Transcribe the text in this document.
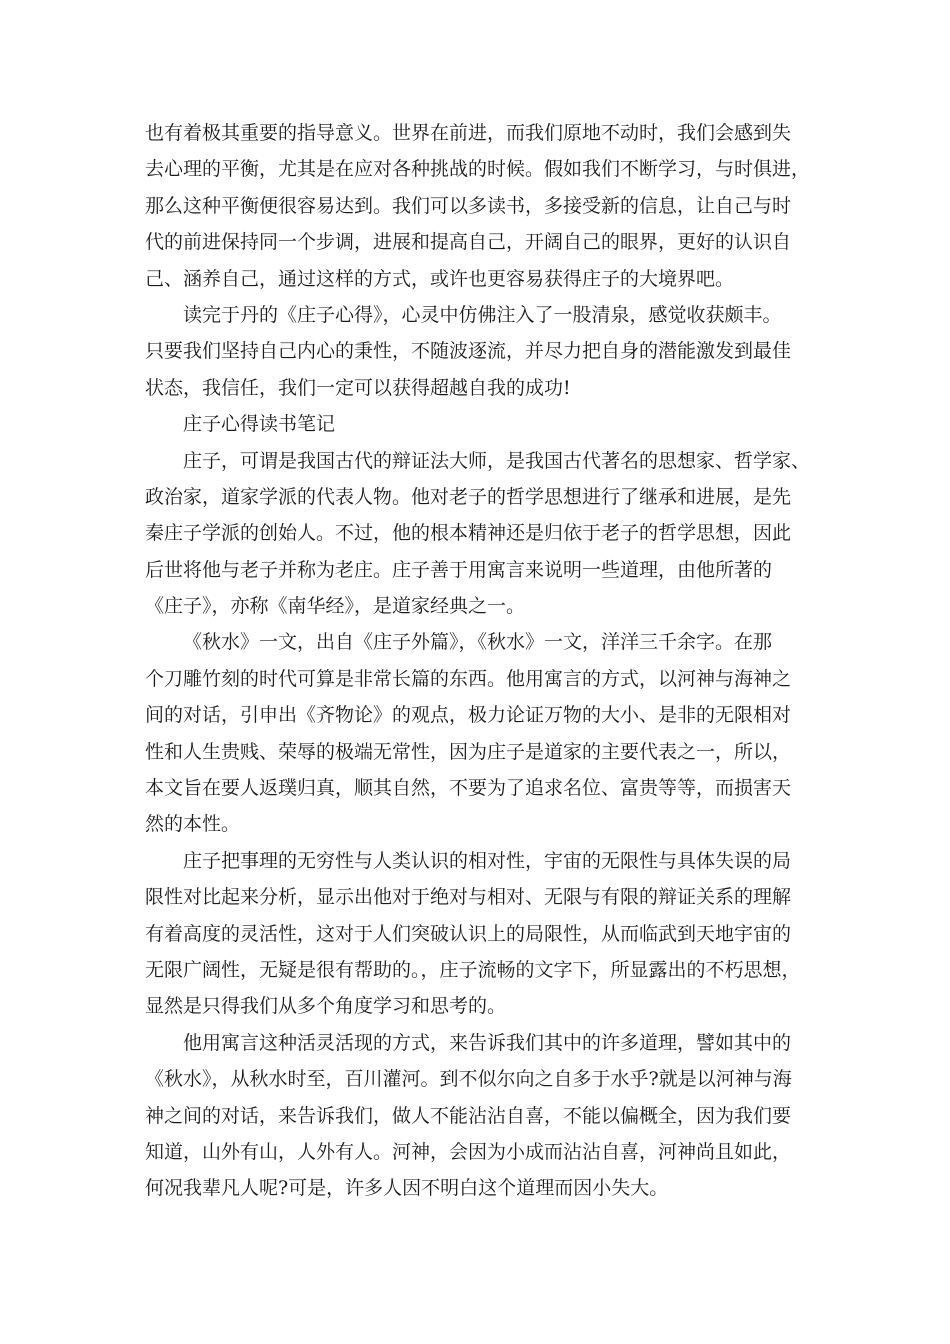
也有着极其重要的指导意义。世界在前进，而我们原地不动时，我们会感到失
去心理的平衡，尤其是在应对各种挑战的时候。假如我们不断学习，与时俱进，
那么这种平衡便很容易达到。我们可以多读书，多接受新的信息，让自己与时
代的前进保持同一个步调，进展和提高自己，开阔自己的眼界，更好的认识自
己、涵养自己，通过这样的方式，或许也更容易获得庄子的大境界吧。
读完于丹的《庄子心得》，心灵中仿佛注入了一股清泉，感觉收获颇丰。
只要我们坚持自己内心的秉性，不随波逐流，并尽力把自身的潜能激发到最佳
状态，我信任，我们一定可以获得超越自我的成功!
庄子心得读书笔记
庄子，可谓是我国古代的辩证法大师，是我国古代著名的思想家、哲学家、
政治家，道家学派的代表人物。他对老子的哲学思想进行了继承和进展，是先
秦庄子学派的创始人。不过，他的根本精神还是归依于老子的哲学思想，因此
后世将他与老子并称为老庄。庄子善于用寓言来说明一些道理，由他所著的
《庄子》，亦称《南华经》，是道家经典之一。
《秋水》一文，出自《庄子外篇》，《秋水》一文，洋洋三千余字。在那
个刀雕竹刻的时代可算是非常长篇的东西。他用寓言的方式，以河神与海神之
间的对话，引申出《齐物论》的观点，极力论证万物的大小、是非的无限相对
性和人生贵贱、荣辱的极端无常性，因为庄子是道家的主要代表之一，所以，
本文旨在要人返璞归真，顺其自然，不要为了追求名位、富贵等等，而损害天
然的本性。
庄子把事理的无穷性与人类认识的相对性，宇宙的无限性与具体失误的局
限性对比起来分析，显示出他对于绝对与相对、无限与有限的辩证关系的理解
有着高度的灵活性，这对于人们突破认识上的局限性，从而临武到天地宇宙的
无限广阔性，无疑是很有帮助的。，庄子流畅的文字下，所显露出的不朽思想，
显然是只得我们从多个角度学习和思考的。
他用寓言这种活灵活现的方式，来告诉我们其中的许多道理，譬如其中的
《秋水》，从秋水时至，百川灌河。到不似尔向之自多于水乎?就是以河神与海
神之间的对话，来告诉我们，做人不能沾沾自喜，不能以偏概全，因为我们要
知道，山外有山，人外有人。河神，会因为小成而沾沾自喜，河神尚且如此，
何况我辈凡人呢?可是，许多人因不明白这个道理而因小失大。
